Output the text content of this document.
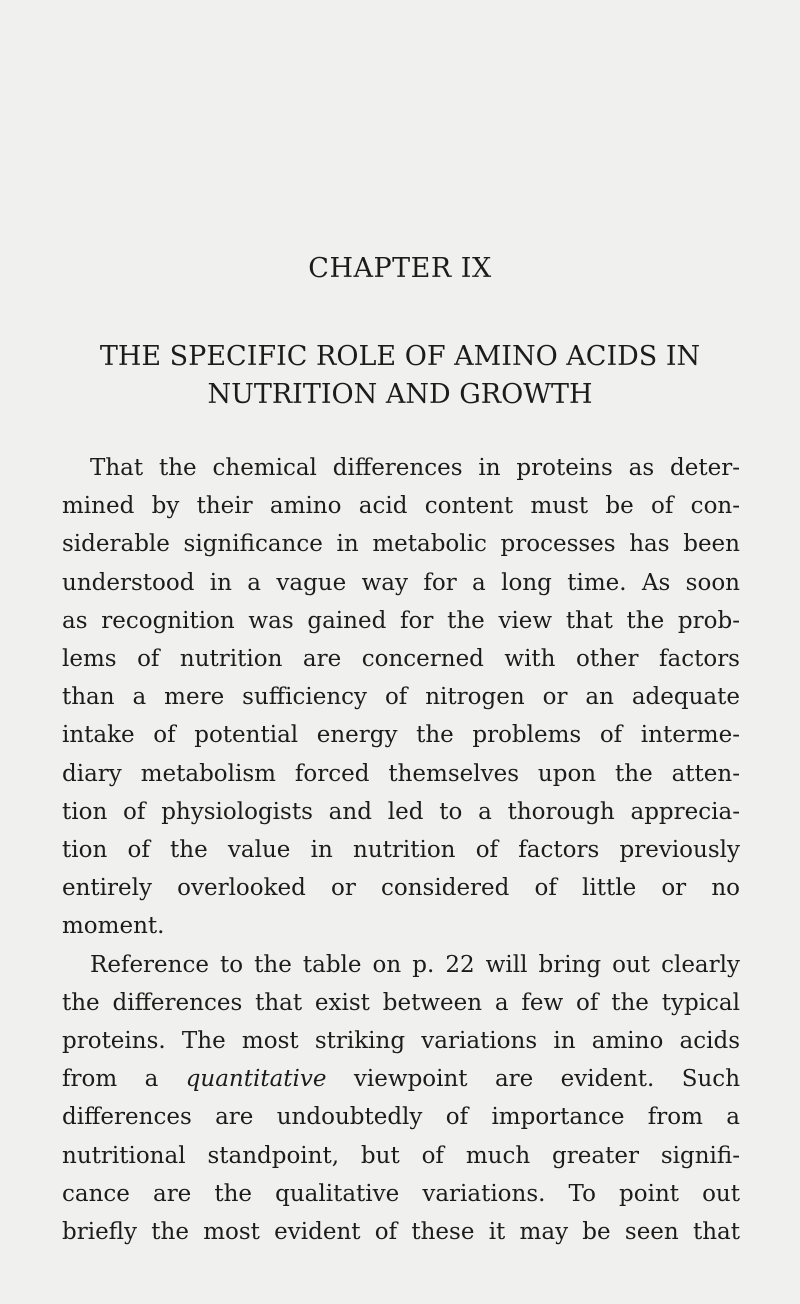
CHAPTER IX
THE SPECIFIC ROLE OF AMINO ACIDS IN
NUTRITION AND GROWTH
That the chemical differences in proteins as deter-
mined by their amino acid content must be of con-
siderable significance in metabolic processes has been
understood in a vague way for a long time. As soon
as recognition was gained for the view that the prob-
lems of nutrition are concerned with other factors
than a mere sufficiency of nitrogen or an adequate
intake of potential energy the problems of interme-
diary metabolism forced themselves upon the atten-
tion of physiologists and led to a thorough apprecia-
tion of the value in nutrition of factors previously
entirely overlooked or considered of little or no
moment.
Reference to the table on p. 22 will bring out clearly
the differences that exist between a few of the typical
proteins. The most striking variations in amino acids
from a quantitative viewpoint are evident. Such
differences are undoubtedly of importance from a
nutritional standpoint, but of much greater signifi-
cance are the qualitative variations. To point out
briefly the most evident of these it may be seen that
